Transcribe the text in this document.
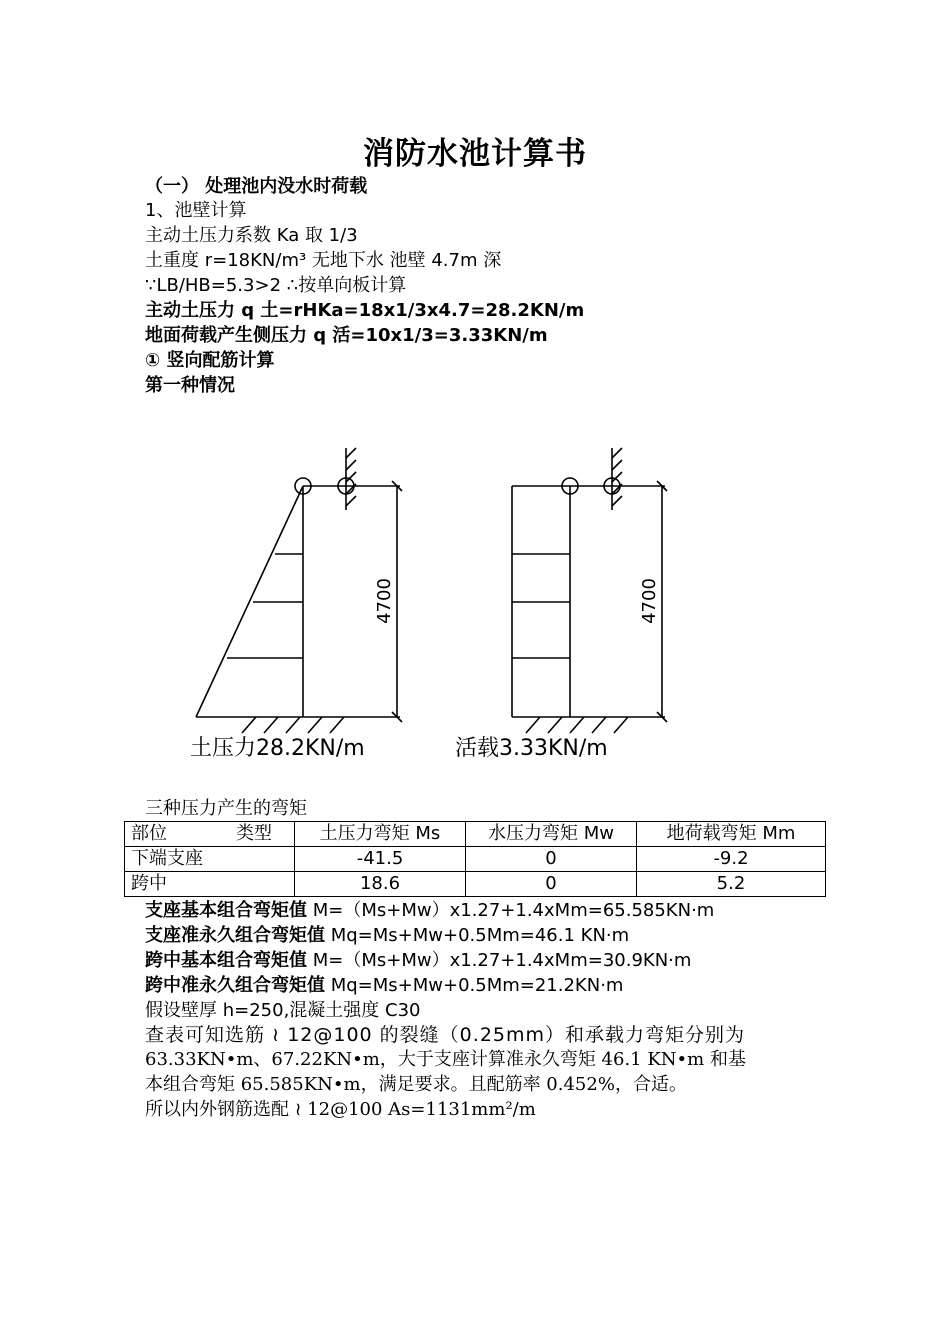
消防水池计算书
（一） 处理池内没水时荷载
1、池壁计算
主动土压力系数 Ka 取 1/3
土重度 r=18KN/m³ 无地下水 池壁 4.7m 深
∵LB/HB=5.3>2 ∴按单向板计算
主动土压力 q 土=rHKa=18x1/3x4.7=28.2KN/m
地面荷载产生侧压力 q 活=10x1/3=3.33KN/m
① 竖向配筋计算
第一种情况
土压力28.2KN/m	活载3.33KN/m
4700	4700
三种压力产生的弯矩
部位 类型	土压力弯矩 Ms	水压力弯矩 Mw	地荷载弯矩 Mm
下端支座	-41.5	0	-9.2
跨中	18.6	0	5.2
支座基本组合弯矩值 M=（Ms+Mw）x1.27+1.4xMm=65.585KN·m
支座准永久组合弯矩值 Mq=Ms+Mw+0.5Mm=46.1 KN·m
跨中基本组合弯矩值 M=（Ms+Mw）x1.27+1.4xMm=30.9KN·m
跨中准永久组合弯矩值 Mq=Ms+Mw+0.5Mm=21.2KN·m
假设壁厚 h=250,混凝土强度 C30
查表可知选筋 ≀ 12@100 的裂缝（0.25mm）和承载力弯矩分别为
63.33KN•m、67.22KN•m，大于支座计算准永久弯矩 46.1 KN•m 和基
本组合弯矩 65.585KN•m，满足要求。且配筋率 0.452%，合适。
所以内外钢筋选配 ≀ 12@100 As=1131mm²/m
